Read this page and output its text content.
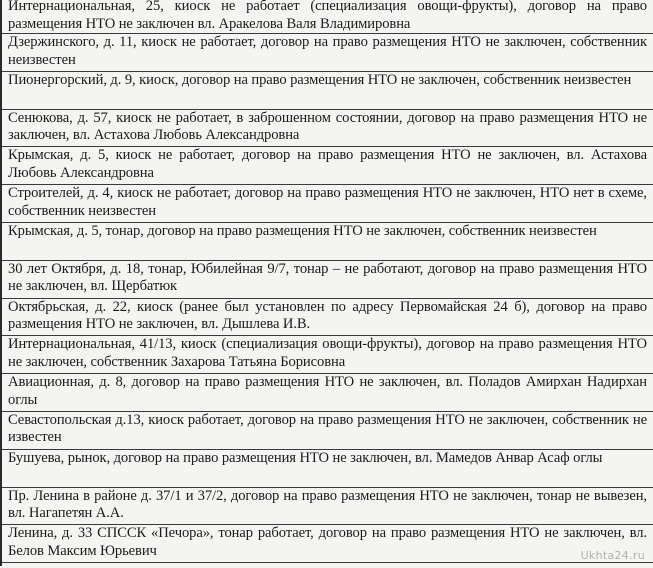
Интернациональная, 25, киоск не работает (специализация овощи-фрукты), договор на право размещения НТО не заключен вл. Аракелова Валя Владимировна
Дзержинского, д. 11, киоск не работает, договор на право размещения НТО не заключен, собственник неизвестен
Пионергорский, д. 9, киоск, договор на право размещения НТО не заключен, собственник неизвестен
Сенюкова, д. 57, киоск не работает, в заброшенном состоянии, договор на право размещения НТО не заключен, вл. Астахова Любовь Александровна
Крымская, д. 5, киоск не работает, договор на право размещения НТО не заключен, вл. Астахова Любовь Александровна
Строителей, д. 4, киоск не работает, договор на право размещения НТО не заключен, НТО нет в схеме, собственник неизвестен
Крымская, д. 5, тонар, договор на право размещения НТО не заключен, собственник неизвестен
30 лет Октября, д. 18, тонар, Юбилейная 9/7, тонар – не работают, договор на право размещения НТО не заключен, вл. Щербатюк
Октябрьская, д. 22, киоск (ранее был установлен по адресу Первомайская 24 б), договор на право размещения НТО не заключен, вл. Дышлева И.В.
Интернациональная, 41/13, киоск (специализация овощи-фрукты), договор на право размещения НТО не заключен, собственник Захарова Татьяна Борисовна
Авиационная, д. 8, договор на право размещения НТО не заключен, вл. Поладов Амирхан Надирхан оглы
Севастопольская д.13, киоск работает, договор на право размещения НТО не заключен, собственник не известен
Бушуева, рынок, договор на право размещения НТО не заключен, вл. Мамедов Анвар Асаф оглы
Пр. Ленина в районе д. 37/1 и 37/2, договор на право размещения НТО не заключен, тонар не вывезен, вл. Нагапетян А.А.
Ленина, д. 33 СПССК «Печора», тонар работает, договор на право размещения НТО не заключен, вл. Белов Максим Юрьевич	Ukhta24.ru
